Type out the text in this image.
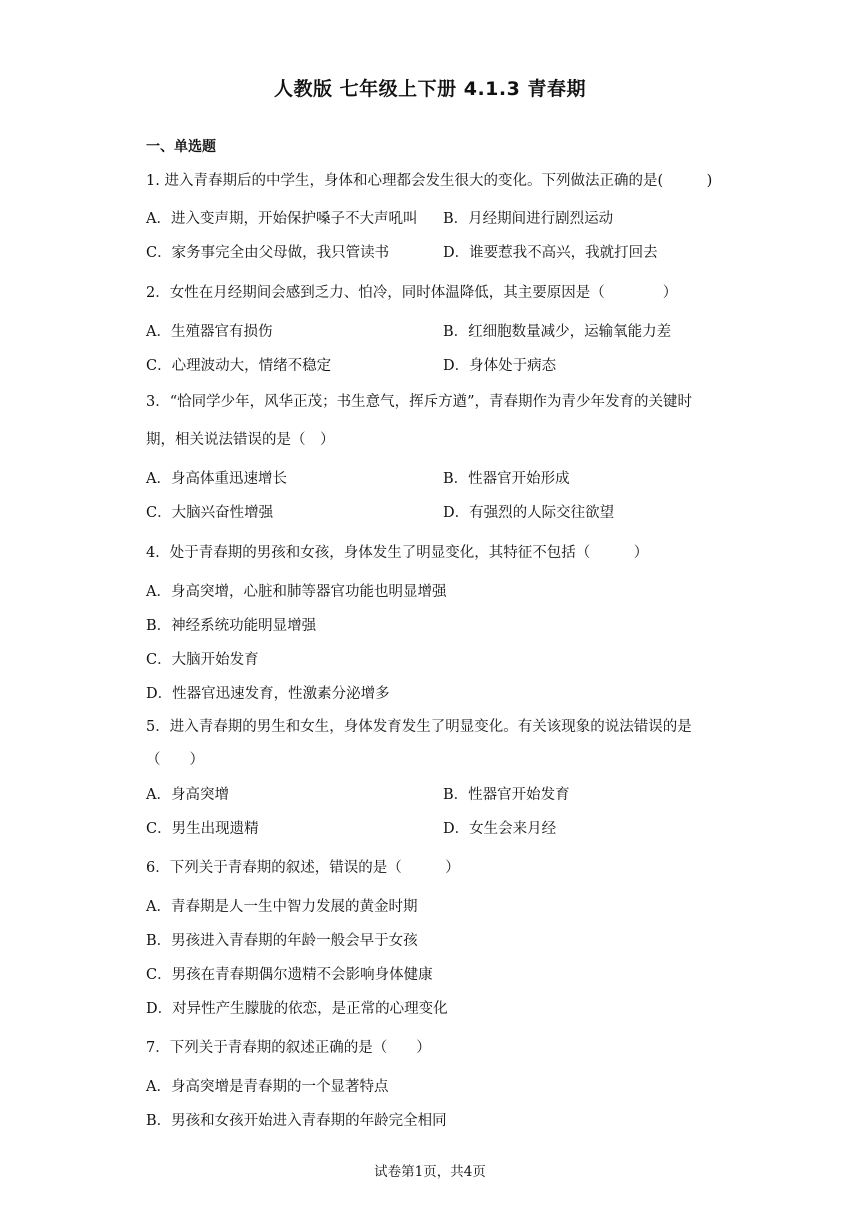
人教版 七年级上下册 4.1.3 青春期
一、单选题
1. 进入青春期后的中学生，身体和心理都会发生很大的变化。下列做法正确的是(　　　)
A．进入变声期，开始保护嗓子不大声吼叫 B．月经期间进行剧烈运动
C．家务事完全由父母做，我只管读书	D．谁要惹我不高兴，我就打回去
2．女性在月经期间会感到乏力、怕冷，同时体温降低，其主要原因是（　　　　）
A．生殖器官有损伤	B．红细胞数量减少，运输氧能力差
C．心理波动大，情绪不稳定	D．身体处于病态
3．“恰同学少年，风华正茂；书生意气，挥斥方遒”，青春期作为青少年发育的关键时
期，相关说法错误的是（　）
A．身高体重迅速增长	B．性器官开始形成
C．大脑兴奋性增强	D．有强烈的人际交往欲望
4．处于青春期的男孩和女孩，身体发生了明显变化，其特征不包括（　　　）
A．身高突增，心脏和肺等器官功能也明显增强
B．神经系统功能明显增强
C．大脑开始发育
D．性器官迅速发育，性激素分泌增多
5．进入青春期的男生和女生，身体发育发生了明显变化。有关该现象的说法错误的是
（　　）
A．身高突增	B．性器官开始发育
C．男生出现遗精	D．女生会来月经
6．下列关于青春期的叙述，错误的是（　　　）
A．青春期是人一生中智力发展的黄金时期
B．男孩进入青春期的年龄一般会早于女孩
C．男孩在青春期偶尔遗精不会影响身体健康
D．对异性产生朦胧的依恋，是正常的心理变化
7．下列关于青春期的叙述正确的是（　　）
A．身高突增是青春期的一个显著特点
B．男孩和女孩开始进入青春期的年龄完全相同
试卷第1页，共4页
